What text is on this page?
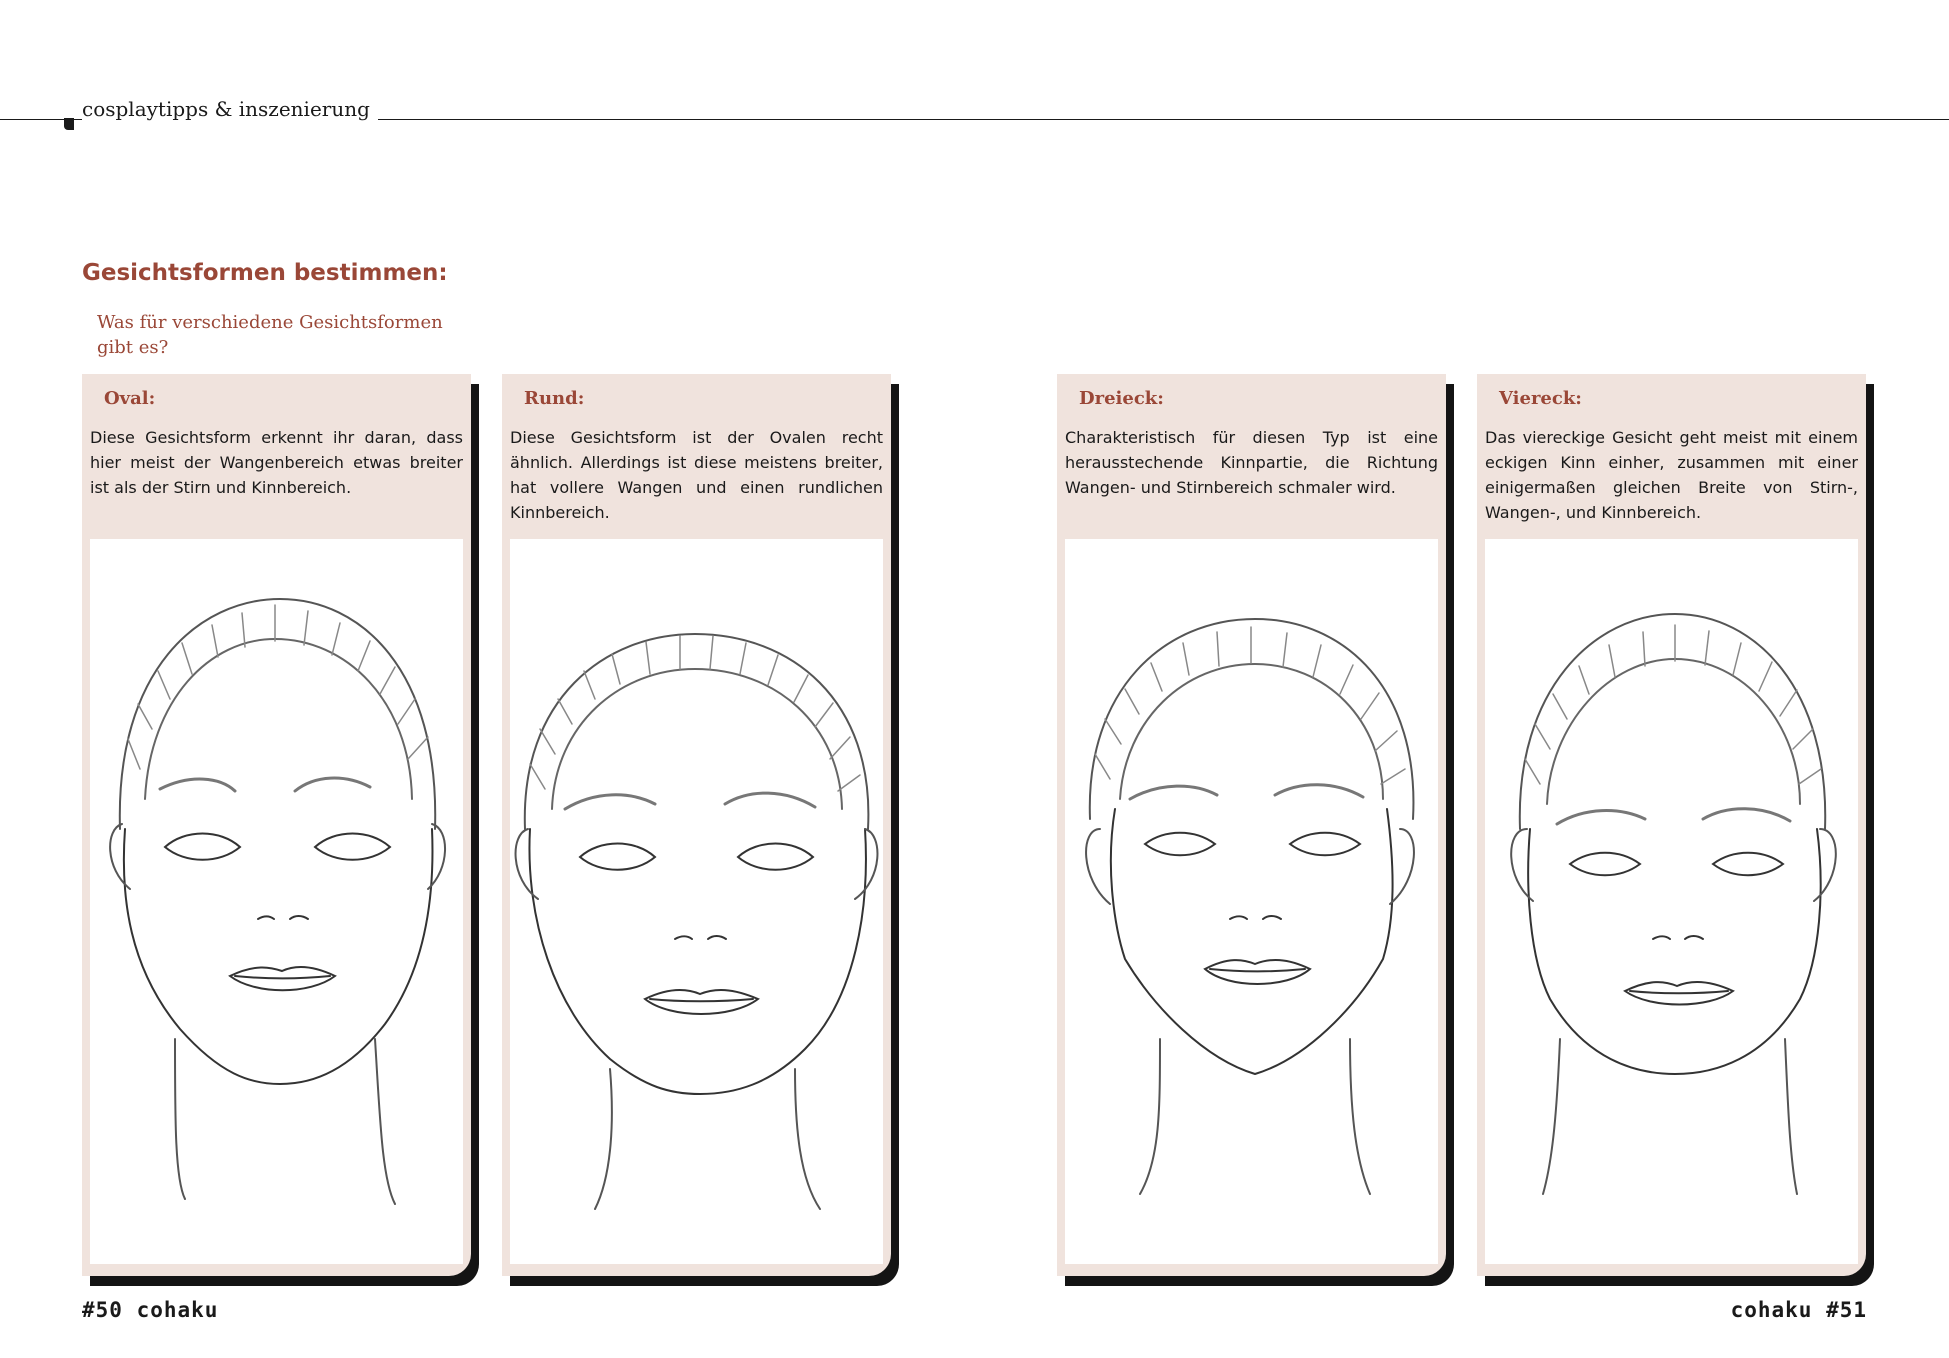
cosplaytipps & inszenierung
Gesichtsformen bestimmen:
Was für verschiedene Gesichtsformen gibt es?
Oval:
Diese Gesichtsform erkennt ihr daran, dass hier meist der Wangenbereich etwas breiter ist als der Stirn und Kinnbereich.
Rund:
Diese Gesichtsform ist der Ovalen recht ähnlich. Allerdings ist diese meistens breiter, hat vollere Wangen und einen rundlichen Kinnbereich.
Dreieck:
Charakteristisch für diesen Typ ist eine herausstechende Kinnpartie, die Richtung Wangen- und Stirnbereich schmaler wird.
Viereck:
Das viereckige Gesicht geht meist mit einem eckigen Kinn einher, zusammen mit einer einigermaßen gleichen Breite von Stirn-, Wangen-, und Kinnbereich.
#50 cohaku	cohaku #51
